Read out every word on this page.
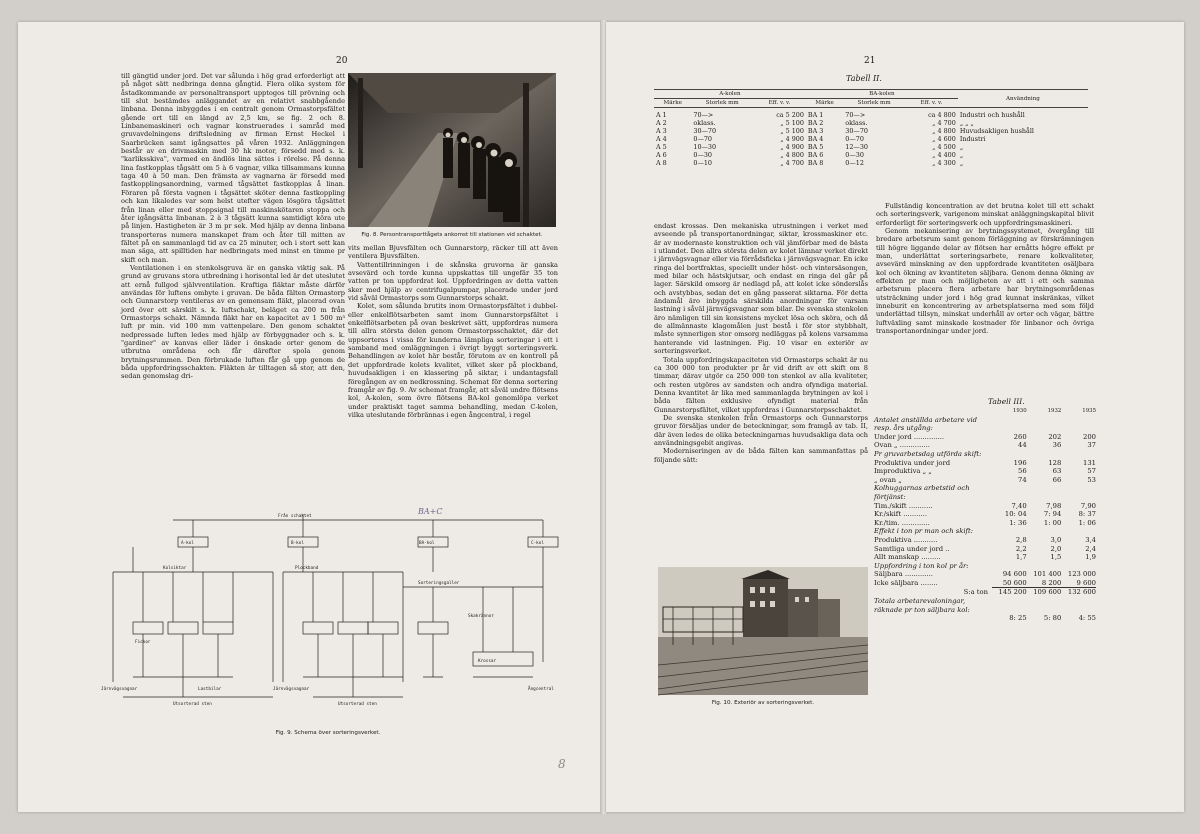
20

till gängtid under jord. Det var sålunda i hög grad erforderligt att på något sätt nedbringa denna gångtid. Flera olika system för åstadkommande av personaltransport upptogos till prövning och till slut bestämdes anläggandet av en relativt snabbgående linbana. Denna inbyggdes i en centralt genom Ormastorpsfältet gående ort till en längd av 2,5 km, se fig. 2 och 8. Linbanemaskineri och vagnar konstruerades i samråd med gruvavdelningens driftsledning av firman Ernst Heckel i Saarbrücken samt igångsattes på våren 1932. Anläggningen består av en drivmaskin med 30 hk motor, försedd med s. k. "karliksskiva", varmed en ändlös lina sättes i rörelse. På denna lina fastkopplas tågsätt om 5 à 6 vagnar, vilka tillsammans kunna taga 40 à 50 man. Den främsta av vagnarna är försedd med fastkopplingsanordning, varmed tågsättet fastkopplas å linan. Föraren på första vagnen i tågsättet sköter denna fastkoppling och kan likaledes var som helst utefter vägen lösgöra tågsättet från linan eller med stoppsignal till maskinskötaren stoppa och åter igångsätta linbanan. 2 à 3 tågsätt kunna samtidigt köra ute på linjen. Hastigheten är 3 m pr sek. Med hjälp av denna linbana transporteras numera manskapet fram och åter till mitten av fältet på en sammanlagd tid av ca 25 minuter, och i stort sett kan man säga, att spilltiden har nedbringats med minst en timme pr skift och man.

Ventilationen i en stenkolsgruva är en ganska viktig sak. På grund av gruvans stora utbredning i horisontal led är det uteslutet att ernå fullgod självventilation. Kraftiga fläktar måste därför användas för luftens ombyte i gruvan. De båda fälten Ormastorp och Gunnarstorp ventileras av en gemensam fläkt, placerad ovan jord över ett särskilt s. k. luftschakt, beläget ca 200 m från Ormastorps schakt. Nämnda fläkt har en kapacitet av 1 500 m³ luft pr min. vid 100 mm vattenpelare. Den genom schaktet nedpressade luften ledes med hjälp av förbyggnader och s. k. "gardiner" av kanvas eller läder i önskade orter genom de utbrutna områdena och får därefter spola genom brytningsrummen. Den förbrukade luften får gå upp genom de båda uppfordringsschakten. Fläkten är tilltagen så stor, att den, sedan genomslag dri-

Fig. 8. Persontransporttågets ankomst till stationen vid schaktet.

vits mellan Bjuvsfälten och Gunnarstorp, räcker till att även ventilera Bjuvsfälten.

Vattentillrinningen i de skånska gruvorna är ganska avsevärd och torde kunna uppskattas till ungefär 35 ton vatten pr ton uppfordrat kol. Uppfordringen av detta vatten sker med hjälp av centrifugalpumpar, placerade under jord vid såväl Ormastorps som Gunnarstorps schakt.

Kolet, som sålunda brutits inom Ormastorpsfältet i dubbel- eller enkelflötsarbeten samt inom Gunnarstorpsfältet i enkelflötsarbeten på ovan beskrivet sätt, uppfordras numera till allra största delen genom Ormastorpsschaktet, där det uppsorteras i vissa för kunderna lämpliga sorteringar i ett i samband med omläggningen i övrigt byggt sorteringsverk. Behandlingen av kolet här består, förutom av en kontroll på det uppfordrade kolets kvalitet, vilket sker på plockband, huvudsakligen i en klassering på siktar, i undantagsfall föregången av en nedkrossning. Schemat för denna sortering framgår av fig. 9. Av schemat framgår, att såväl undre flötsens kol, A-kolen, som övre flötsens BA-kol genomlöpa verket under praktiskt taget samma behandling, medan C-kolen, vilka uteslutande förbrännas i egen ångcentral, i regel

Från schaktet
A-kol	B-kol	BA-kol	C-kol
Kolsiktar	Plockband
Sorteringsgaller
Fickor
Järnvägsvagnar	Järnvägsvagnar
Lastbilar	Ångcentral
Utsorterad sten	Utsorterad sten
Krossar
Skakrännor
BA+C
Fig. 9. Schema över sorteringsverket.
8
21
Tabell II.
A-kolen			BA-kolen			Användning
Märke	Storlek mm	Eff. v. v.	Märke	Storlek mm	Eff. v. v.	
A 1	70—>	ca 5 200	BA 1	70—>	ca 4 800	Industri och hushåll
A 2	oklass.	„ 5 100	BA 2	oklass.	„ 4 700	„ „ „
A 3	30—70	„ 5 100	BA 3	30—70	„ 4 800	Huvudsakligen hushåll
A 4	0—70	„ 4 900	BA 4	0—70	„ 4 600	Industri
A 5	10—30	„ 4 900	BA 5	12—30	„ 4 500	„
A 6	0—30	„ 4 800	BA 6	0—30	„ 4 400	„
A 8	0—10	„ 4 700	BA 8	0—12	„ 4 300	„

endast krossas. Den mekaniska utrustningen i verket med avseende på transportanordningar, siktar, krossmaskiner etc. är av modernaste konstruktion och väl jämförbar med de bästa i utlandet. Den allra största delen av kolet lämnar verket direkt i järnvägsvagnar eller via förrådsficka i järnvägsvagnar. En icke ringa del bortfraktas, speciellt under höst- och vintersäsongen, med bilar och hästskjutsar, och endast en ringa del går på lager. Särskild omsorg är nedlagd på, att kolet icke sönderslås och avstybbas, sedan det en gång passerat siktarna. För detta ändamål äro inbyggda särskilda anordningar för varsam lastning i såväl järnvägsvagnar som bilar. De svenska stenkolen äro nämligen till sin konsistens mycket lösa och sköra, och då de allmännaste klagomålen just bestå i för stor stybbhalt, måste synnerligen stor omsorg nedläggas på kolens varsamma hanterande vid lastningen. Fig. 10 visar en exteriör av sorteringsverket.

Totala uppfordringskapaciteten vid Ormastorps schakt är nu ca 300 000 ton produkter pr år vid drift av ett skift om 8 timmar, därav utgör ca 250 000 ton stenkol av alla kvaliteter, och resten utgöres av sandsten och andra ofyndiga material. Denna kvantitet är lika med sammanlagda brytningen av kol i båda fälten exklusive ofyndigt material från Gunnarstorpsfältet, vilket uppfordras i Gunnarstorpsschaktet.

De svenska stenkolen från Ormastorps och Gunnarstorps gruvor försäljas under de beteckningar, som framgå av tab. II, där även ledes de olika beteckningarnas huvudsakliga data och användningsgebit angivas.

Moderniseringen av de båda fälten kan sammanfattas på följande sätt:

Fig. 10. Exteriör av sorteringsverket.

Fullständig koncentration av det brutna kolet till ett schakt och sorteringsverk, varigenom minskat anläggningskapital blivit erforderligt för sorteringsverk och uppfordringsmaskineri.

Genom mekanisering av brytningssystemet, övergång till bredare arbetsrum samt genom förläggning av förskrämningen till högre liggande delar av flötsen har ernåtts högre effekt pr man, underlättat sorteringsarbete, renare kolkvaliteter, avsevärd minskning av den uppfordrade kvantiteten osäljbara kol och ökning av kvantiteten säljbara. Genom denna ökning av effekten pr man och möjligheten av att i ett och samma arbetsrum placera flera arbetare har brytningsområdenas utsträckning under jord i hög grad kunnat inskränkas, vilket inneburit en koncentrering av arbetsplatserna med som följd underlättad tillsyn, minskat underhåll av orter och vägar, bättre luftväxling samt minskade kostnader för linbanor och övriga transportanordningar under jord.

Tabell III.
	1930	1932	1935
Antalet anställda arbetare vid resp. års utgång:			
Under jord ..............	260	202	200
Ovan „ ..............	44	36	37
Pr gruvarbetsdag utförda skift:			
Produktiva under jord	196	128	131
Improduktiva „ „	56	63	57
„ ovan „	74	66	53
Kolhuggarnas arbetstid och förtjänst:			
Tim./skift ...........	7,40	7,98	7,90
Kr./skift ...........	10: 04	7: 94	8: 37
Kr./tim. .............	1: 36	1: 00	1: 06
Effekt i ton pr man och skift:			
Produktiva ...........	2,8	3,0	3,4
Samtliga under jord ..	2,2	2,0	2,4
Allt manskap .........	1,7	1,5	1,9
Uppfordring i ton kol pr år:			
Säljbara .............	94 600	101 400	123 000
Icke säljbara ........	50 600	8 200	9 600
S:a ton	145 200	109 600	132 600
Totala arbetarevaloningar, räknade pr ton säljbara kol:			
	8: 25	5: 80	4: 55
